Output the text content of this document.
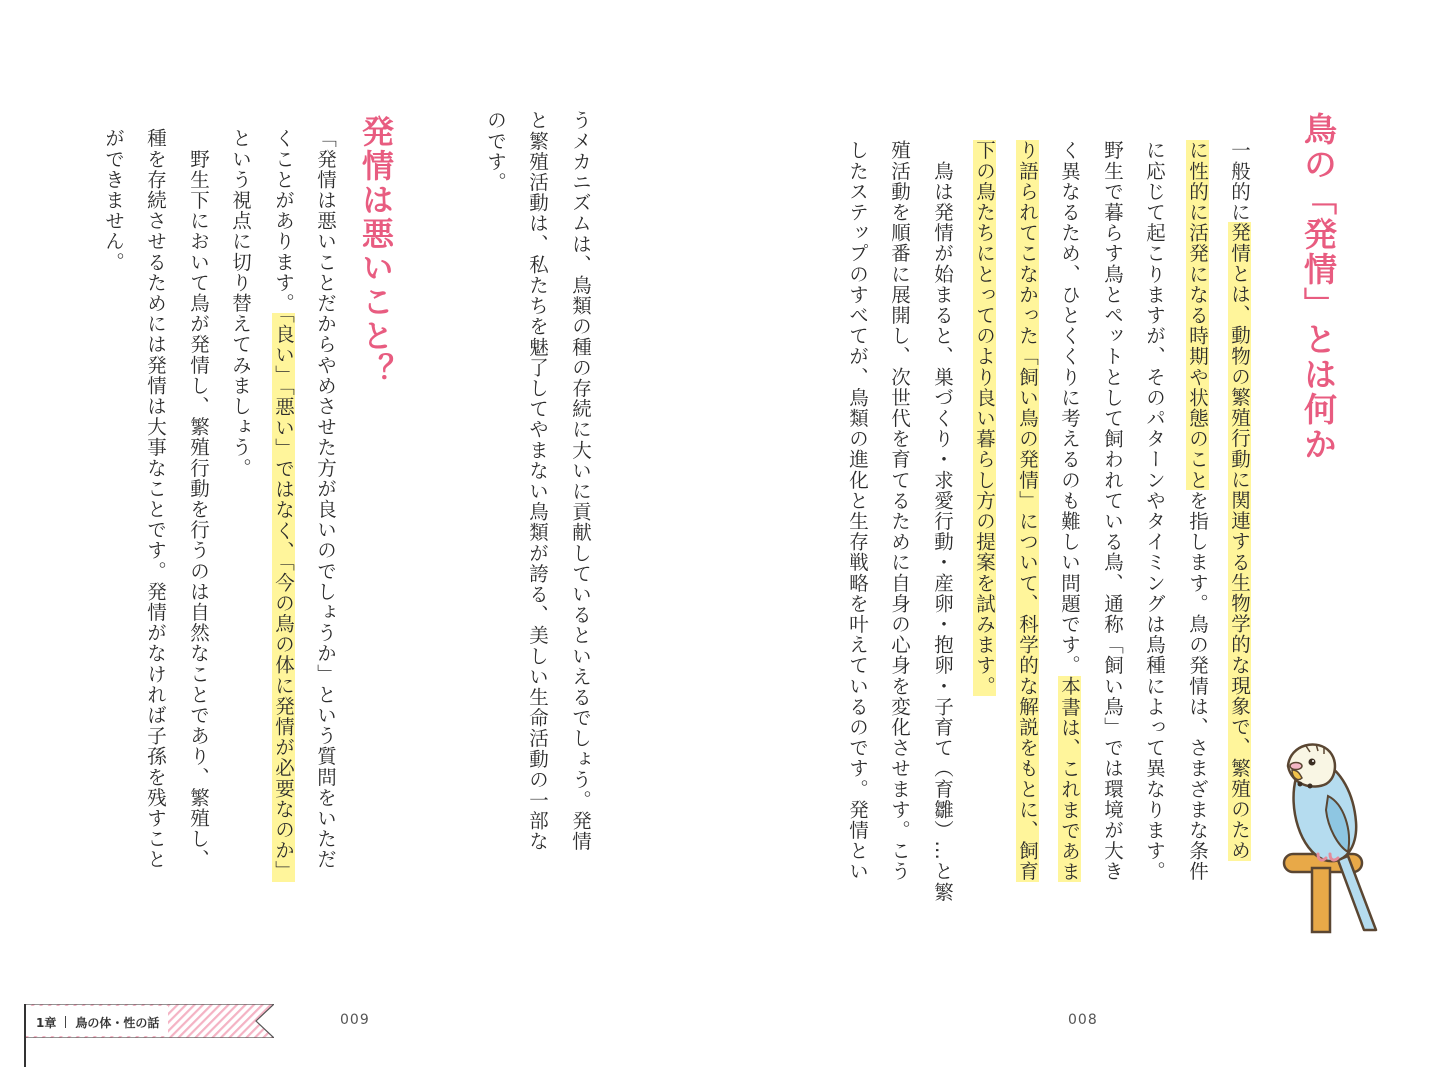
鳥の「発情」とは何か
一般的に発情とは、動物の繁殖行動に関連する生物学的な現象で、繁殖のため
に性的に活発になる時期や状態のことを指します。鳥の発情は、さまざまな条件
に応じて起こりますが、そのパターンやタイミングは鳥種によって異なります。
野生で暮らす鳥とペットとして飼われている鳥、通称「飼い鳥」では環境が大き
く異なるため、ひとくくりに考えるのも難しい問題です。本書は、これまであま
り語られてこなかった「飼い鳥の発情」について、科学的な解説をもとに、飼育
下の鳥たちにとってのより良い暮らし方の提案を試みます。
　鳥は発情が始まると、巣づくり・求愛行動・産卵・抱卵・子育て（育雛）…と繁
殖活動を順番に展開し、次世代を育てるために自身の心身を変化させます。こう
したステップのすべてが、鳥類の進化と生存戦略を叶えているのです。発情とい
008
うメカニズムは、鳥類の種の存続に大いに貢献しているといえるでしょう。発情
と繁殖活動は、私たちを魅了してやまない鳥類が誇る、美しい生命活動の一部な
のです。
発情は悪いこと？
「発情は悪いことだからやめさせた方が良いのでしょうか」という質問をいただ
くことがあります。「良い」「悪い」ではなく、「今の鳥の体に発情が必要なのか」
という視点に切り替えてみましょう。
　野生下において鳥が発情し、繁殖行動を行うのは自然なことであり、繁殖し、
種を存続させるためには発情は大事なことです。発情がなければ子孫を残すこと
ができません。
009
1章 鳥の体・性の話
